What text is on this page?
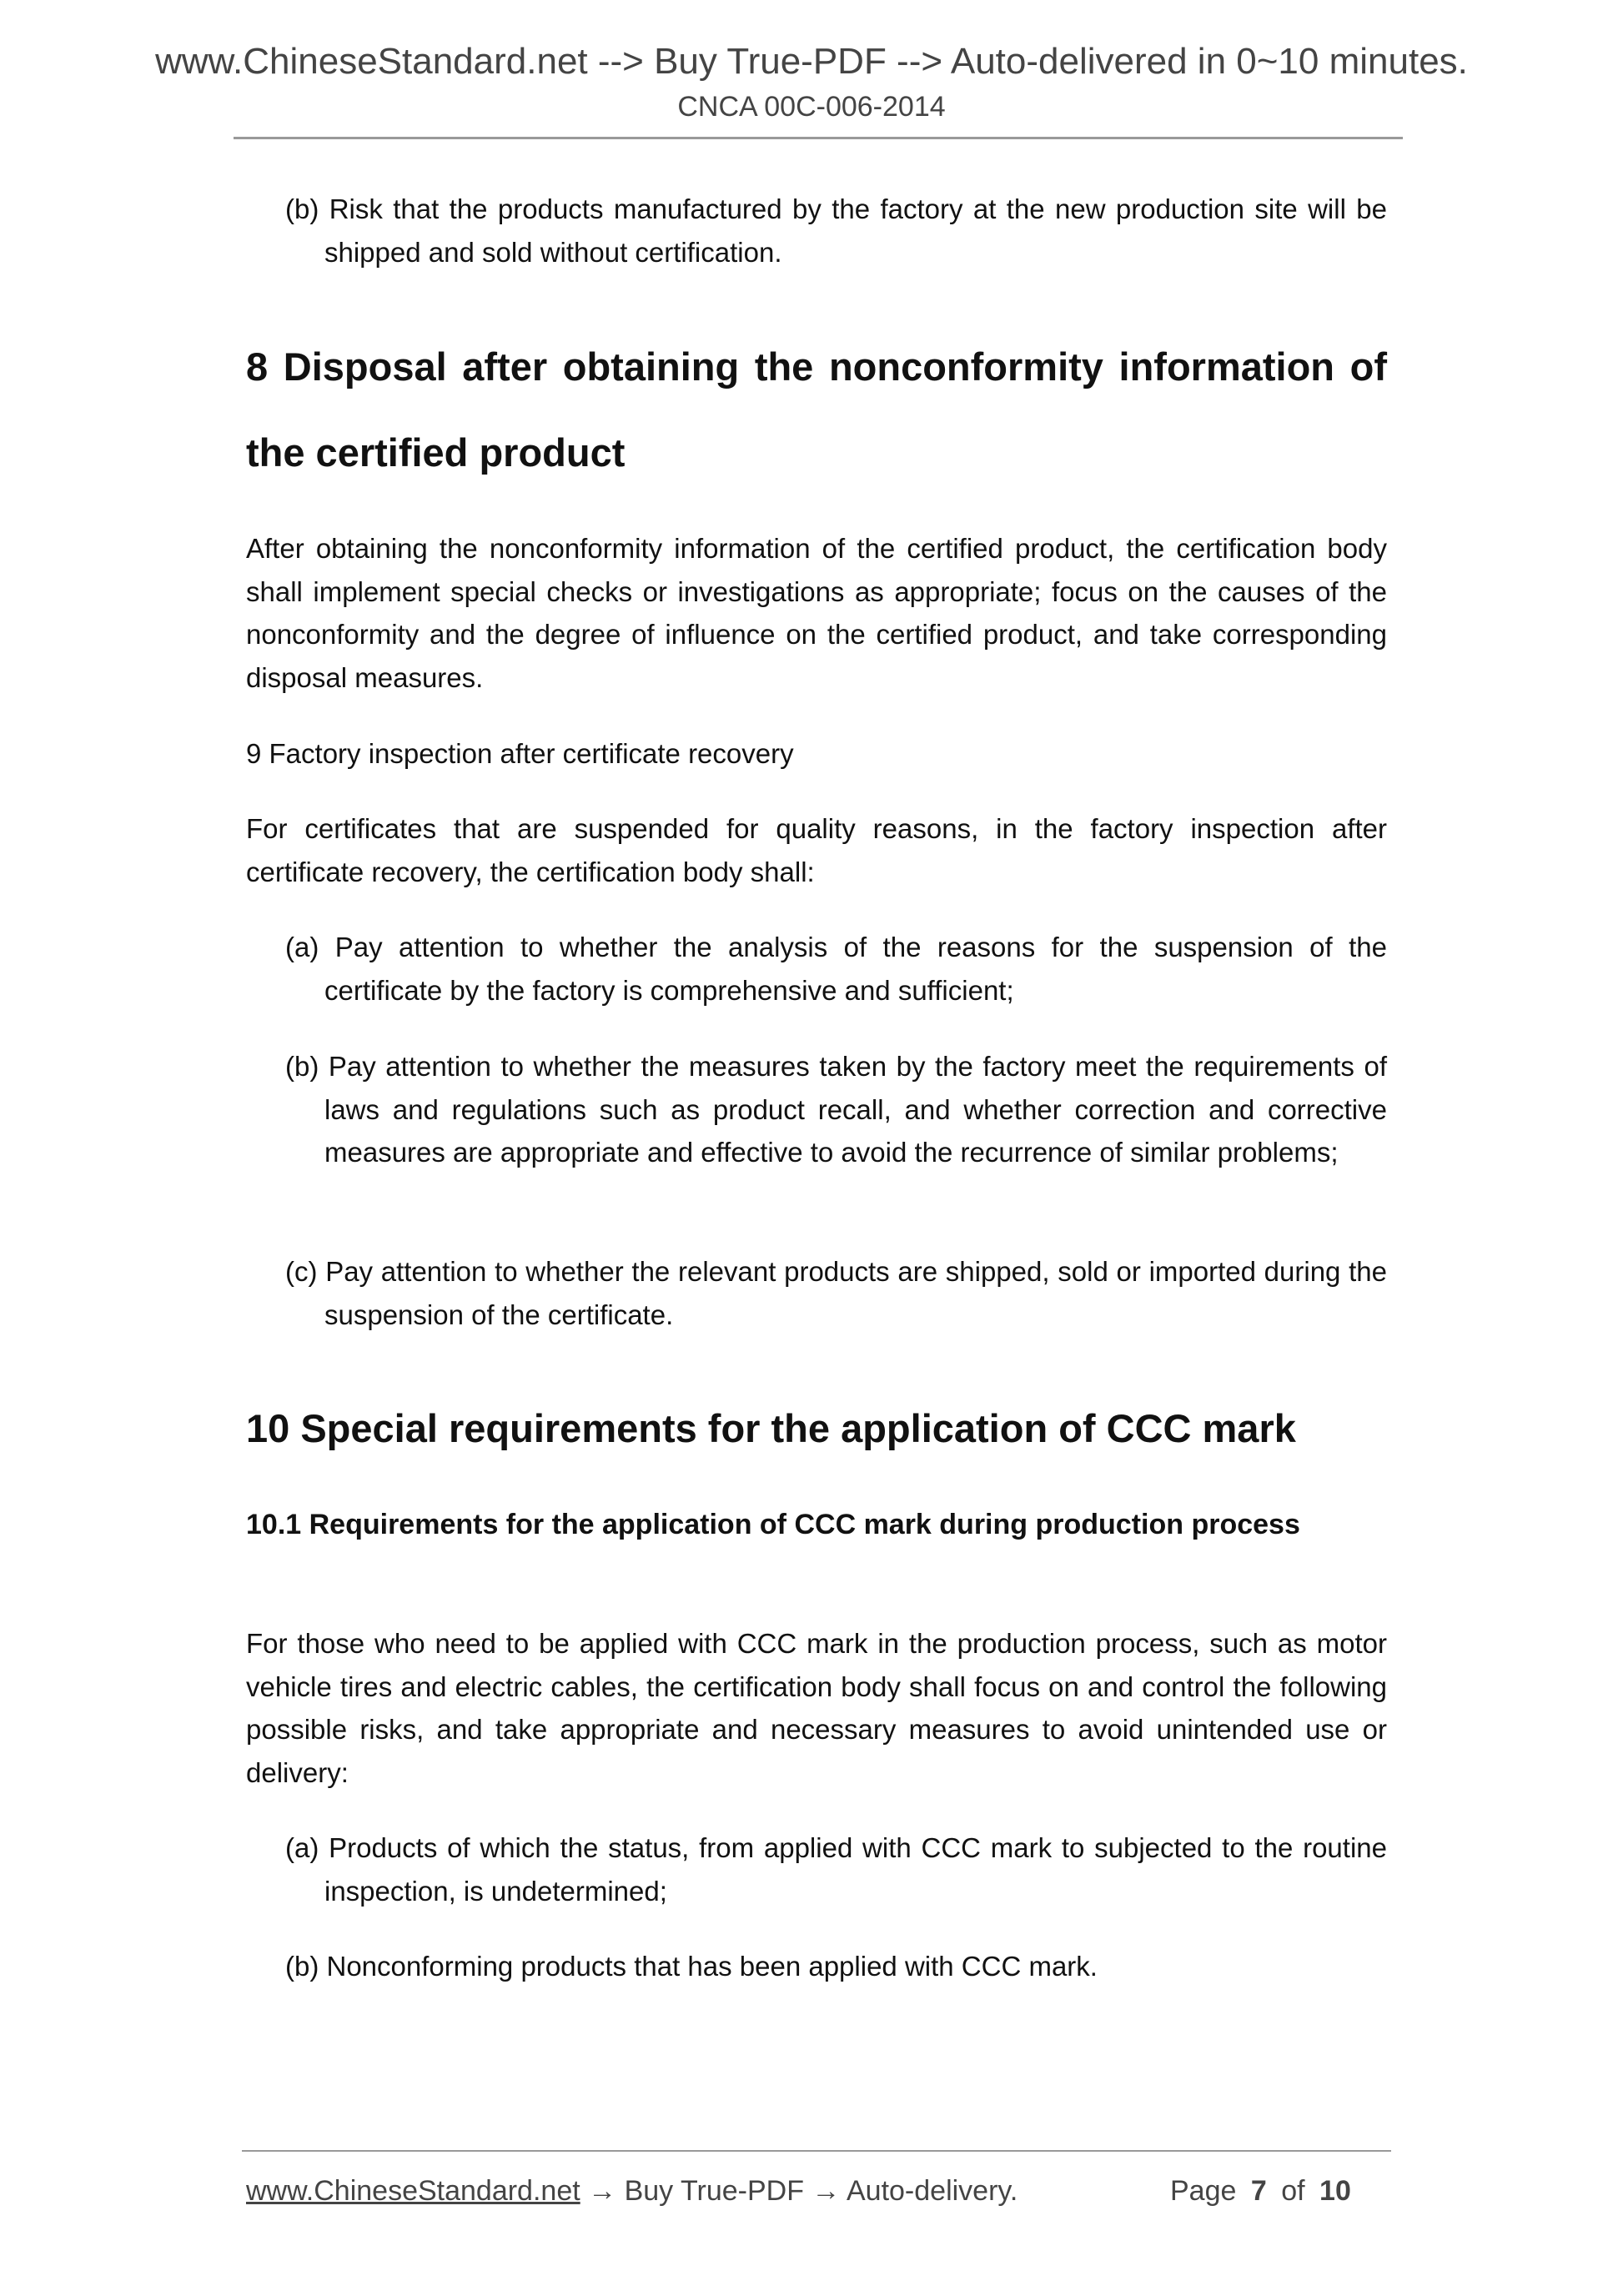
www.ChineseStandard.net --> Buy True-PDF --> Auto-delivered in 0~10 minutes.
CNCA 00C-006-2014
(b) Risk that the products manufactured by the factory at the new production site will be shipped and sold without certification.
8 Disposal after obtaining the nonconformity information of the certified product
After obtaining the nonconformity information of the certified product, the certification body shall implement special checks or investigations as appropriate; focus on the causes of the nonconformity and the degree of influence on the certified product, and take corresponding disposal measures.
9 Factory inspection after certificate recovery
For certificates that are suspended for quality reasons, in the factory inspection after certificate recovery, the certification body shall:
(a) Pay attention to whether the analysis of the reasons for the suspension of the certificate by the factory is comprehensive and sufficient;
(b) Pay attention to whether the measures taken by the factory meet the requirements of laws and regulations such as product recall, and whether correction and corrective measures are appropriate and effective to avoid the recurrence of similar problems;
(c) Pay attention to whether the relevant products are shipped, sold or imported during the suspension of the certificate.
10 Special requirements for the application of CCC mark
10.1 Requirements for the application of CCC mark during production process
For those who need to be applied with CCC mark in the production process, such as motor vehicle tires and electric cables, the certification body shall focus on and control the following possible risks, and take appropriate and necessary measures to avoid unintended use or delivery:
(a) Products of which the status, from applied with CCC mark to subjected to the routine inspection, is undetermined;
(b) Nonconforming products that has been applied with CCC mark.
www.ChineseStandard.net → Buy True-PDF → Auto-delivery.	Page 7 of 10
